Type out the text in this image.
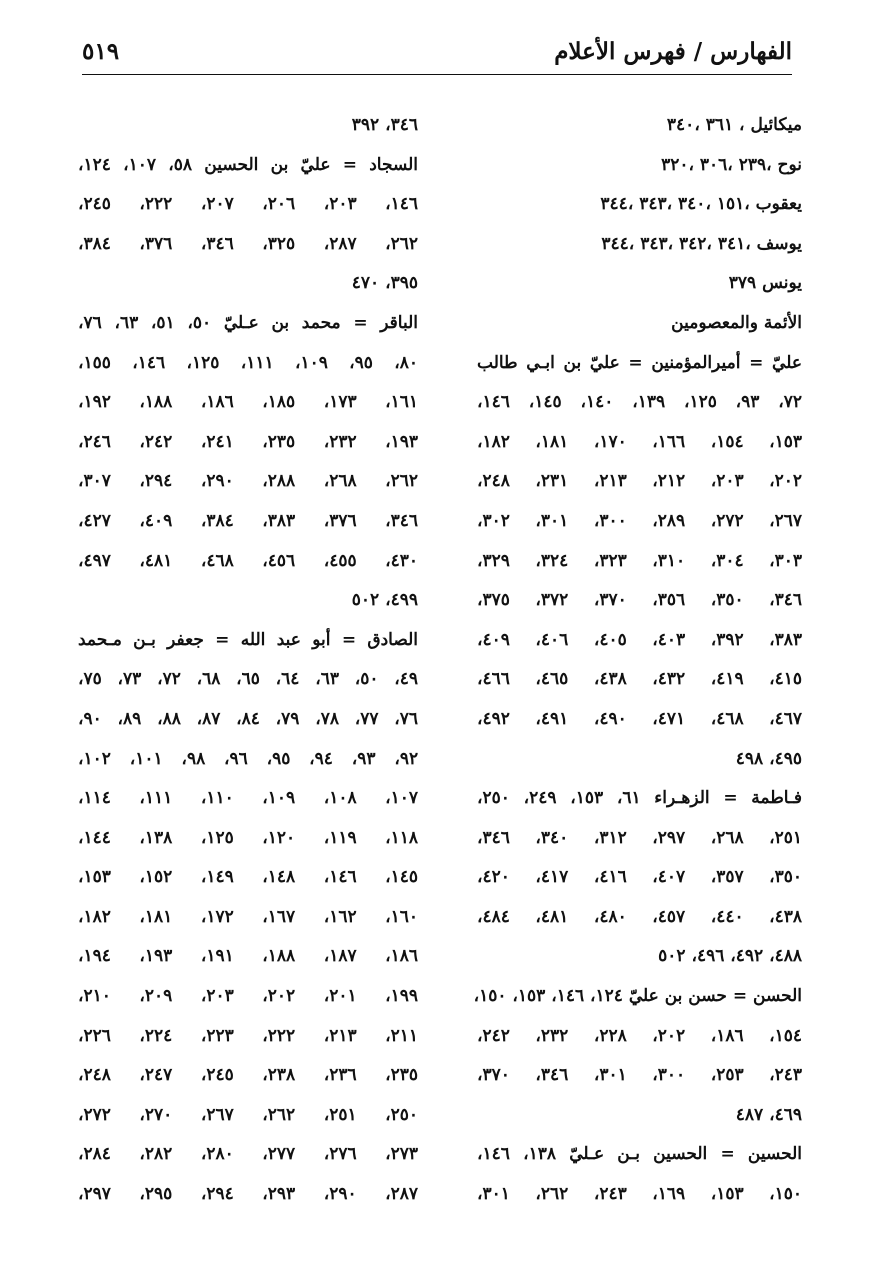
الفهارس / فهرس الأعلام
٥١٩
ميكائيل ، ٣٦١ ،٣٤٠
نوح ،٢٣٩ ،٣٠٦ ،٣٢٠
يعقوب ،١٥١ ،٣٤٠ ،٣٤٣ ،٣٤٤
يوسف ،٣٤١ ،٣٤٢ ،٣٤٣ ،٣٤٤
يونس ٣٧٩
الأئمة والمعصومين
عليّ = أميرالمؤمنين = عليّ بن ابـي طالب
٧٢، ٩٣، ١٢٥، ١٣٩، ١٤٠، ١٤٥، ١٤٦،
١٥٣، ١٥٤، ١٦٦، ١٧٠، ١٨١، ١٨٢،
٢٠٢، ٢٠٣، ٢١٢، ٢١٣، ٢٣١، ٢٤٨،
٢٦٧، ٢٧٢، ٢٨٩، ٣٠٠، ٣٠١، ٣٠٢،
٣٠٣، ٣٠٤، ٣١٠، ٣٢٣، ٣٢٤، ٣٢٩،
٣٤٦، ٣٥٠، ٣٥٦، ٣٧٠، ٣٧٢، ٣٧٥،
٣٨٣، ٣٩٢، ٤٠٣، ٤٠٥، ٤٠٦، ٤٠٩،
٤١٥، ٤١٩، ٤٣٢، ٤٣٨، ٤٦٥، ٤٦٦،
٤٦٧، ٤٦٨، ٤٧١، ٤٩٠، ٤٩١، ٤٩٢،
٤٩٥، ٤٩٨
فـاطمة = الزهـراء ٦١، ١٥٣، ٢٤٩، ٢٥٠،
٢٥١، ٢٦٨، ٢٩٧، ٣١٢، ٣٤٠، ٣٤٦،
٣٥٠، ٣٥٧، ٤٠٧، ٤١٦، ٤١٧، ٤٢٠،
٤٣٨، ٤٤٠، ٤٥٧، ٤٨٠، ٤٨١، ٤٨٤،
٤٨٨، ٤٩٢، ٤٩٦، ٥٠٢
الحسن = حسن بن عليّ ١٢٤، ١٤٦، ١٥٣، ١٥٠،
١٥٤، ١٨٦، ٢٠٢، ٢٢٨، ٢٣٢، ٢٤٢،
٢٤٣، ٢٥٣، ٣٠٠، ٣٠١، ٣٤٦، ٣٧٠،
٤٦٩، ٤٨٧
الحسين = الحسين بـن عـليّ ١٣٨، ١٤٦،
١٥٠، ١٥٣، ١٦٩، ٢٤٣، ٢٦٢، ٣٠١،
٣٤٦، ٣٩٢
السجاد = عليّ بن الحسين ٥٨، ١٠٧، ١٢٤،
١٤٦، ٢٠٣، ٢٠٦، ٢٠٧، ٢٢٢، ٢٤٥،
٢٦٢، ٢٨٧، ٣٢٥، ٣٤٦، ٣٧٦، ٣٨٤،
٣٩٥، ٤٧٠
الباقر = محمد بن عـليّ ٥٠، ٥١، ٦٣، ٧٦،
٨٠، ٩٥، ١٠٩، ١١١، ١٢٥، ١٤٦، ١٥٥،
١٦١، ١٧٣، ١٨٥، ١٨٦، ١٨٨، ١٩٢،
١٩٣، ٢٣٢، ٢٣٥، ٢٤١، ٢٤٢، ٢٤٦،
٢٦٢، ٢٦٨، ٢٨٨، ٢٩٠، ٢٩٤، ٣٠٧،
٣٤٦، ٣٧٦، ٣٨٣، ٣٨٤، ٤٠٩، ٤٢٧،
٤٣٠، ٤٥٥، ٤٥٦، ٤٦٨، ٤٨١، ٤٩٧،
٤٩٩، ٥٠٢
الصادق = أبو عبد الله = جعفر بـن مـحمد
٤٩، ٥٠، ٦٣، ٦٤، ٦٥، ٦٨، ٧٢، ٧٣، ٧٥،
٧٦، ٧٧، ٧٨، ٧٩، ٨٤، ٨٧، ٨٨، ٨٩، ٩٠،
٩٢، ٩٣، ٩٤، ٩٥، ٩٦، ٩٨، ١٠١، ١٠٢،
١٠٧، ١٠٨، ١٠٩، ١١٠، ١١١، ١١٤،
١١٨، ١١٩، ١٢٠، ١٢٥، ١٣٨، ١٤٤،
١٤٥، ١٤٦، ١٤٨، ١٤٩، ١٥٢، ١٥٣،
١٦٠، ١٦٢، ١٦٧، ١٧٢، ١٨١، ١٨٢،
١٨٦، ١٨٧، ١٨٨، ١٩١، ١٩٣، ١٩٤،
١٩٩، ٢٠١، ٢٠٢، ٢٠٣، ٢٠٩، ٢١٠،
٢١١، ٢١٣، ٢٢٢، ٢٢٣، ٢٢٤، ٢٢٦،
٢٣٥، ٢٣٦، ٢٣٨، ٢٤٥، ٢٤٧، ٢٤٨،
٢٥٠، ٢٥١، ٢٦٢، ٢٦٧، ٢٧٠، ٢٧٢،
٢٧٣، ٢٧٦، ٢٧٧، ٢٨٠، ٢٨٢، ٢٨٤،
٢٨٧، ٢٩٠، ٢٩٣، ٢٩٤، ٢٩٥، ٢٩٧،
